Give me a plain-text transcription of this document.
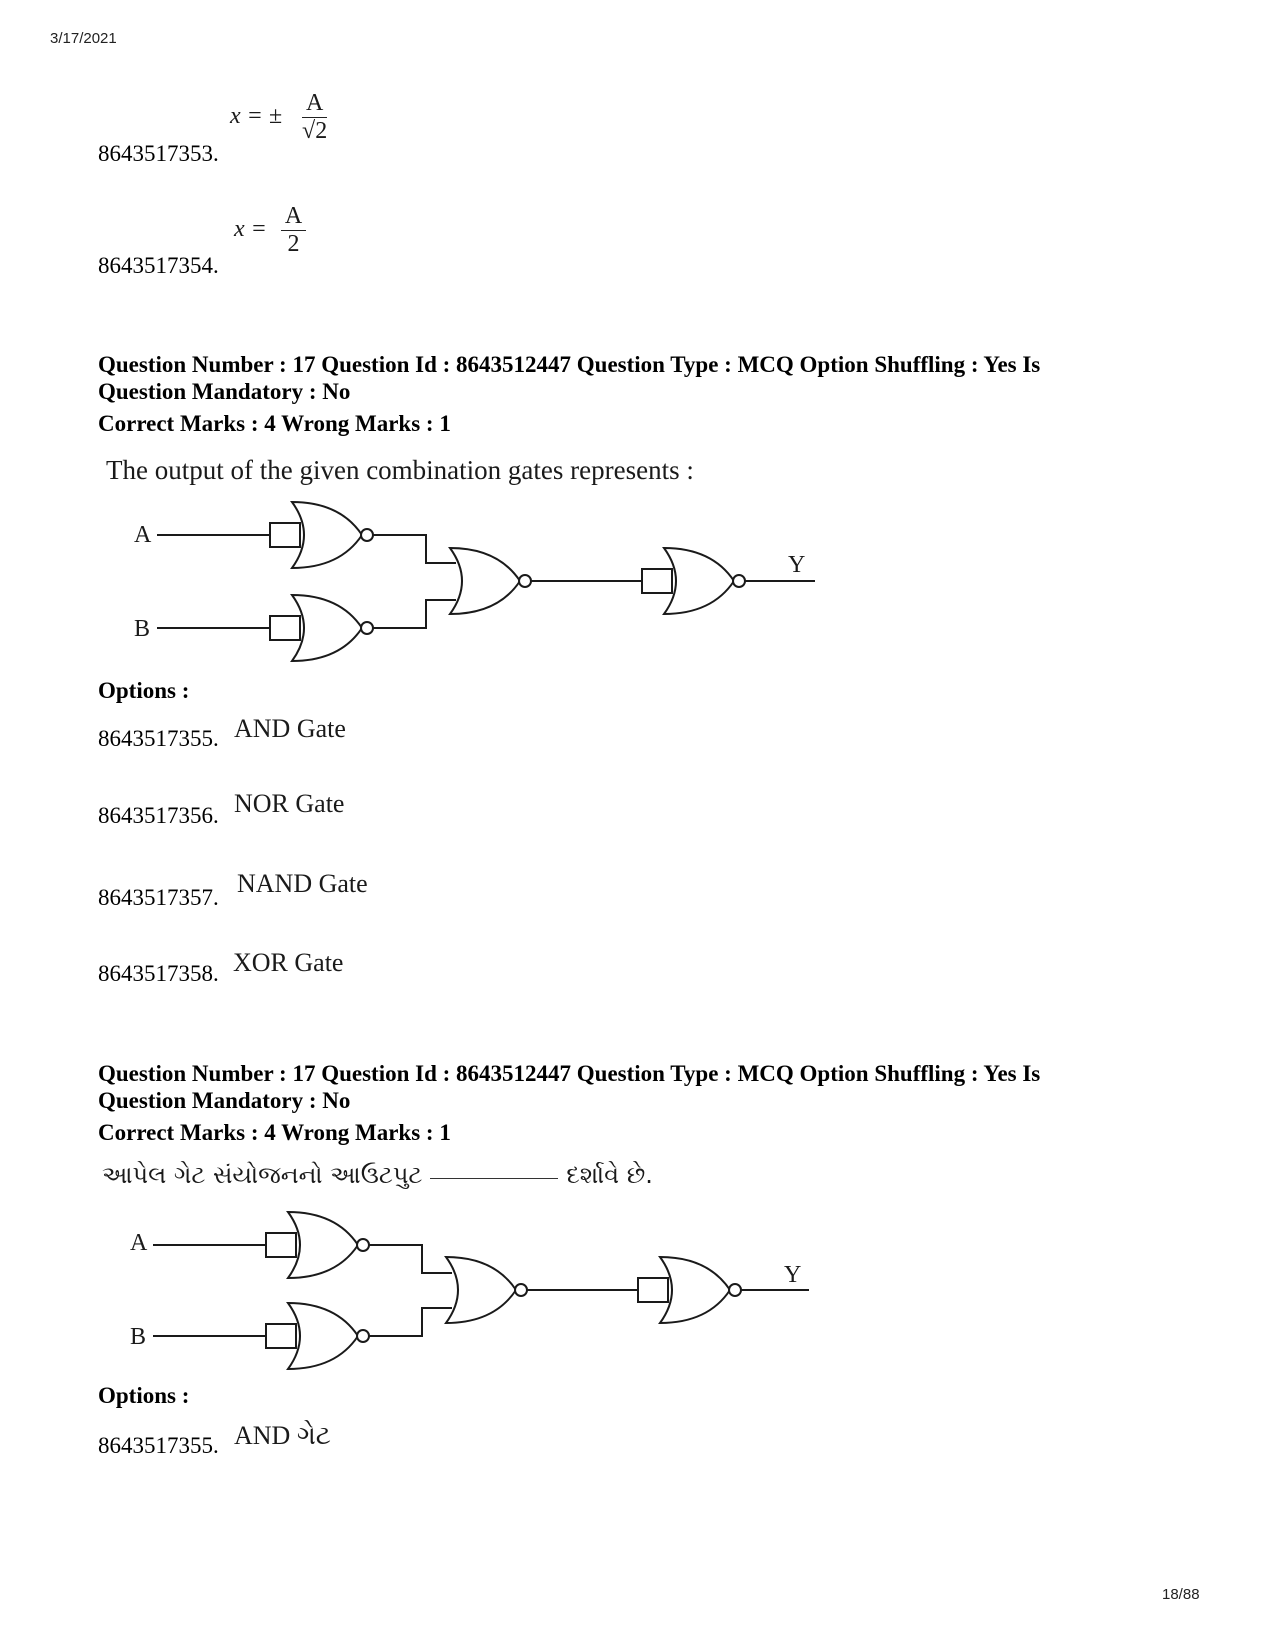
3/17/2021
18/88
x = ± $\frac{A}{√2}$
8643517353.
$x = \frac{A}{2}$
8643517354.
Question Number : 17 Question Id : 8643512447 Question Type : MCQ Option Shuffling : Yes Is
Question Mandatory : No
Correct Marks : 4 Wrong Marks : 1
The output of the given combination gates represents :
A
B
Y
Options :
8643517355. AND Gate
8643517356. NOR Gate
8643517357. NAND Gate
8643517358. XOR Gate
Question Number : 17 Question Id : 8643512447 Question Type : MCQ Option Shuffling : Yes Is
Question Mandatory : No
Correct Marks : 4 Wrong Marks : 1
આપેલ ગેટ સંયોજનનો આઉટપુટ	દર્શાવે છે.
A
B
Y
Options :
8643517355. AND ગેટ
